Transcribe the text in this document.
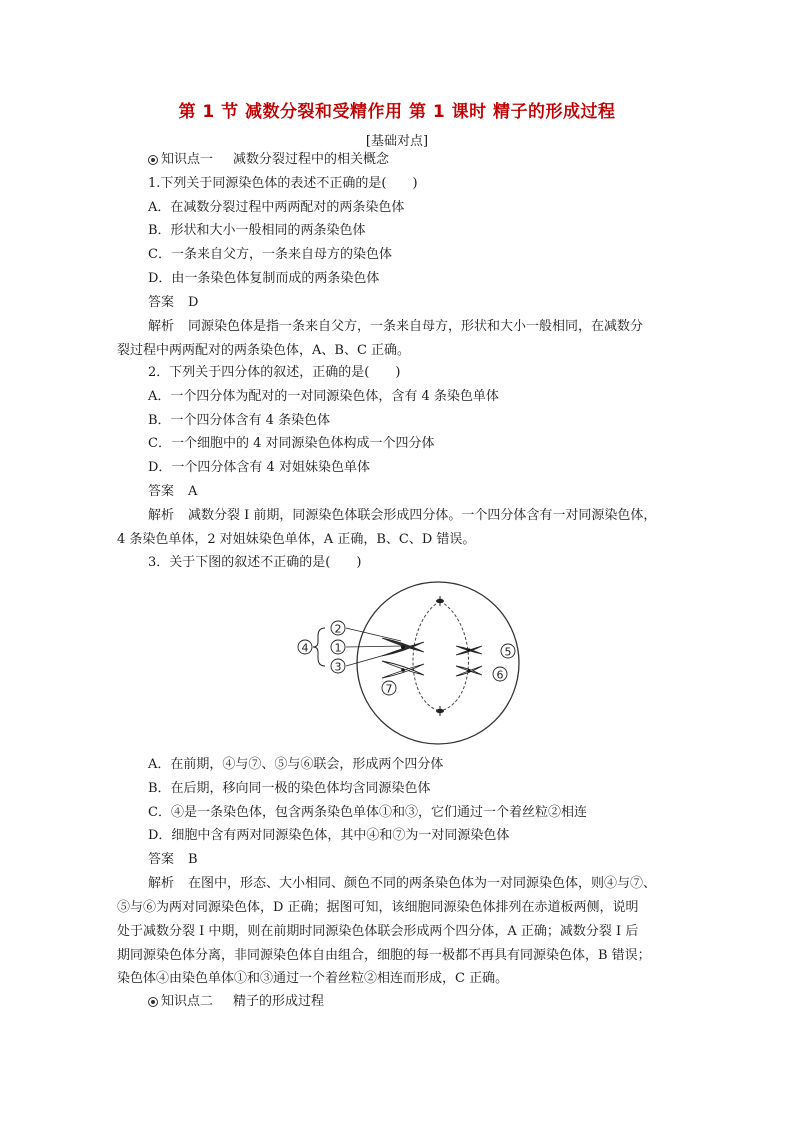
第 1 节 减数分裂和受精作用 第 1 课时 精子的形成过程
[基础对点]
知识点一 减数分裂过程中的相关概念
1.下列关于同源染色体的表述不正确的是(　　)
A．在减数分裂过程中两两配对的两条染色体
B．形状和大小一般相同的两条染色体
C．一条来自父方，一条来自母方的染色体
D．由一条染色体复制而成的两条染色体
答案 D
解析 同源染色体是指一条来自父方，一条来自母方，形状和大小一般相同，在减数分
裂过程中两两配对的两条染色体，A、B、C 正确。
2．下列关于四分体的叙述，正确的是(　　)
A．一个四分体为配对的一对同源染色体，含有 4 条染色单体
B．一个四分体含有 4 条染色体
C．一个细胞中的 4 对同源染色体构成一个四分体
D．一个四分体含有 4 对姐妹染色单体
答案 A
解析 减数分裂 Ⅰ 前期，同源染色体联会形成四分体。一个四分体含有一对同源染色体，
4 条染色单体，2 对姐妹染色单体，A 正确，B、C、D 错误。
3．关于下图的叙述不正确的是(　　)
2
1
3
4	5
6
7
A．在前期，④与⑦、⑤与⑥联会，形成两个四分体
B．在后期，移向同一极的染色体均含同源染色体
C．④是一条染色体，包含两条染色单体①和③，它们通过一个着丝粒②相连
D．细胞中含有两对同源染色体，其中④和⑦为一对同源染色体
答案 B
解析 在图中，形态、大小相同、颜色不同的两条染色体为一对同源染色体，则④与⑦、
⑤与⑥为两对同源染色体，D 正确；据图可知，该细胞同源染色体排列在赤道板两侧，说明
处于减数分裂 Ⅰ 中期，则在前期时同源染色体联会形成两个四分体，A 正确；减数分裂 Ⅰ 后
期同源染色体分离，非同源染色体自由组合，细胞的每一极都不再具有同源染色体，B 错误；
染色体④由染色单体①和③通过一个着丝粒②相连而形成，C 正确。
知识点二 精子的形成过程
